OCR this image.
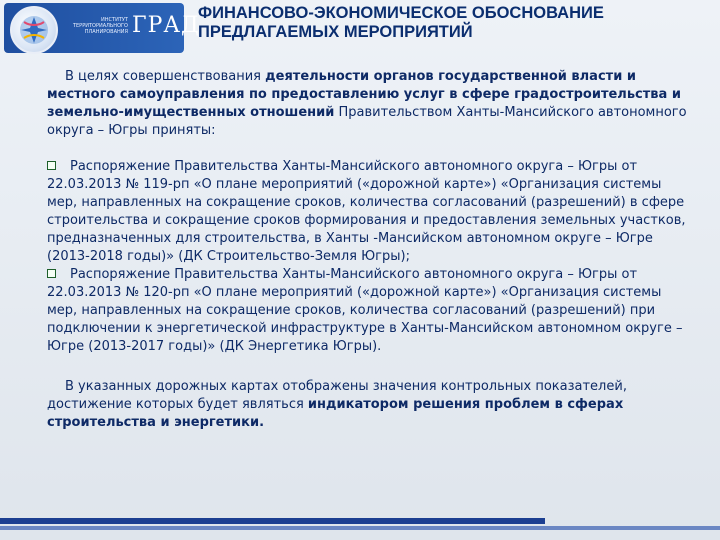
ИНСТИТУТ ТЕРРИТОРИАЛЬНОГО ПЛАНИРОВАНИЯ ГРАД
ФИНАНСОВО-ЭКОНОМИЧЕСКОЕ ОБОСНОВАНИЕ
ПРЕДЛАГАЕМЫХ МЕРОПРИЯТИЙ

В целях совершенствования деятельности органов государственной власти и местного самоуправления по предоставлению услуг в сфере градостроительства и земельно-имущественных отношений Правительством Ханты-Мансийского автономного округа – Югры приняты:

Распоряжение Правительства Ханты-Мансийского автономного округа – Югры от 22.03.2013 № 119-рп «О плане мероприятий («дорожной карте») «Организация системы мер, направленных на сокращение сроков, количества согласований (разрешений) в сфере строительства и сокращение сроков формирования и предоставления земельных участков, предназначенных для строительства, в Ханты -Мансийском автономном округе – Югре (2013-2018 годы)» (ДК Строительство-Земля Югры);

Распоряжение Правительства Ханты-Мансийского автономного округа – Югры от 22.03.2013 № 120-рп «О плане мероприятий («дорожной карте») «Организация системы мер, направленных на сокращение сроков, количества согласований (разрешений) при подключении к энергетической инфраструктуре в Ханты-Мансийском автономном округе – Югре (2013-2017 годы)» (ДК Энергетика Югры).

В указанных дорожных картах отображены значения контрольных показателей, достижение которых будет являться индикатором решения проблем в сферах строительства и энергетики.
